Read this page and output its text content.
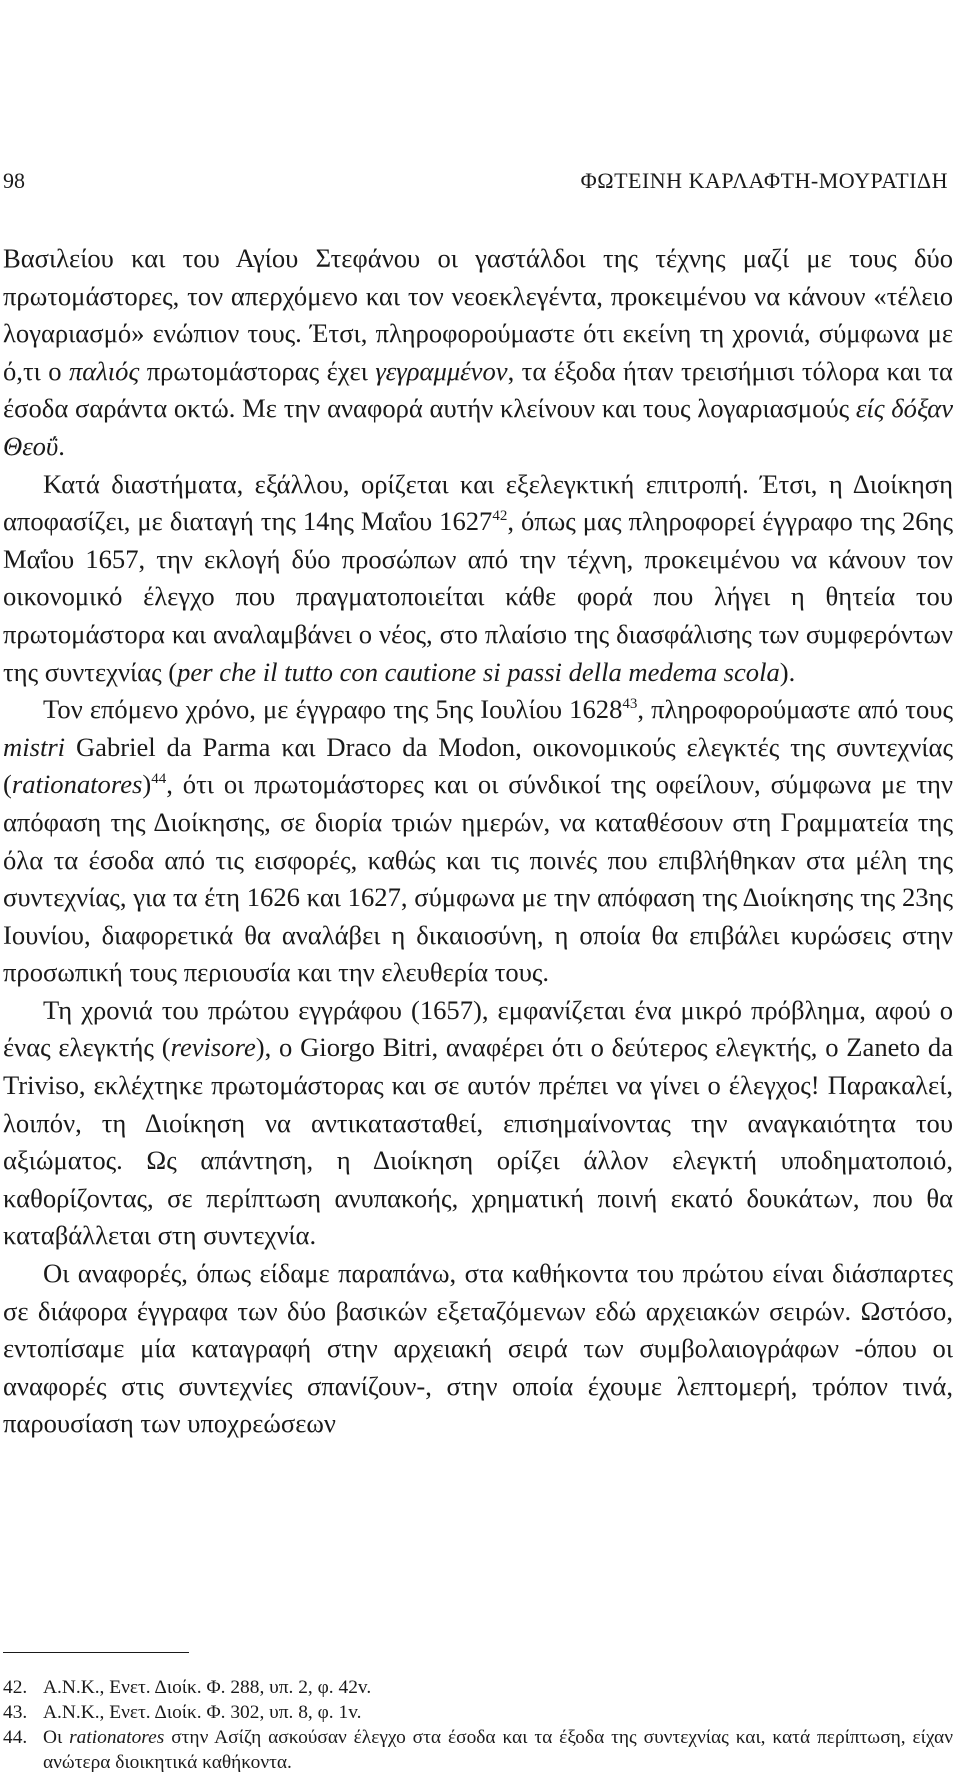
98	ΦΩΤΕΙΝΗ ΚΑΡΛΑΦΤΗ-ΜΟΥΡΑΤΙΔΗ

Βασιλείου και του Αγίου Στεφάνου οι γαστάλδοι της τέχνης μαζί με τους δύο πρωτομάστορες, τον απερχόμενο και τον νεοεκλεγέντα, προκειμένου να κάνουν «τέλειο λογαριασμό» ενώπιον τους. Έτσι, πληροφορούμαστε ότι εκείνη τη χρονιά, σύμφωνα με ό,τι ο παλιός πρωτομάστορας έχει γεγραμμένον, τα έξοδα ήταν τρεισήμισι τόλορα και τα έσοδα σαράντα οκτώ. Με την αναφορά αυτήν κλείνουν και τους λογαριασμούς είς δόξαν Θεοΰ.

Κατά διαστήματα, εξάλλου, ορίζεται και εξελεγκτική επιτροπή. Έτσι, η Διοίκηση αποφασίζει, με διαταγή της 14ης Μαΐου 1627$^{42}$, όπως μας πληροφορεί έγγραφο της 26ης Μαΐου 1657, την εκλογή δύο προσώπων από την τέχνη, προκειμένου να κάνουν τον οικονομικό έλεγχο που πραγματοποιείται κάθε φορά που λήγει η θητεία του πρωτομάστορα και αναλαμβάνει ο νέος, στο πλαίσιο της διασφάλισης των συμφερόντων της συντεχνίας (per che il tutto con cautione si passi della medema scola).

Τον επόμενο χρόνο, με έγγραφο της 5ης Ιουλίου 1628$^{43}$, πληροφορούμαστε από τους mistri Gabriel da Parma και Draco da Modon, οικονομικούς ελεγκτές της συντεχνίας (rationatores)$^{44}$, ότι οι πρωτομάστορες και οι σύνδικοί της οφείλουν, σύμφωνα με την απόφαση της Διοίκησης, σε διορία τριών ημερών, να καταθέσουν στη Γραμματεία της όλα τα έσοδα από τις εισφορές, καθώς και τις ποινές που επιβλήθηκαν στα μέλη της συντεχνίας, για τα έτη 1626 και 1627, σύμφωνα με την απόφαση της Διοίκησης της 23ης Ιουνίου, διαφορετικά θα αναλάβει η δικαιοσύνη, η οποία θα επιβάλει κυρώσεις στην προσωπική τους περιουσία και την ελευθερία τους.

Τη χρονιά του πρώτου εγγράφου (1657), εμφανίζεται ένα μικρό πρόβλημα, αφού ο ένας ελεγκτής (revisore), ο Giorgo Bitri, αναφέρει ότι ο δεύτερος ελεγκτής, ο Zaneto da Triviso, εκλέχτηκε πρωτομάστορας και σε αυτόν πρέπει να γίνει ο έλεγχος! Παρακαλεί, λοιπόν, τη Διοίκηση να αντικατασταθεί, επισημαίνοντας την αναγκαιότητα του αξιώματος. Ως απάντηση, η Διοίκηση ορίζει άλλον ελεγκτή υποδηματοποιό, καθορίζοντας, σε περίπτωση ανυπακοής, χρηματική ποινή εκατό δουκάτων, που θα καταβάλλεται στη συντεχνία.

Οι αναφορές, όπως είδαμε παραπάνω, στα καθήκοντα του πρώτου είναι διάσπαρτες σε διάφορα έγγραφα των δύο βασικών εξεταζόμενων εδώ αρχειακών σειρών. Ωστόσο, εντοπίσαμε μία καταγραφή στην αρχειακή σειρά των συμβολαιογράφων -όπου οι αναφορές στις συντεχνίες σπανίζουν-, στην οποία έχουμε λεπτομερή, τρόπον τινά, παρουσίαση των υποχρεώσεων

42. Α.Ν.Κ., Ενετ. Διοίκ. Φ. 288, υπ. 2, φ. 42v.
43. Α.Ν.Κ., Ενετ. Διοίκ. Φ. 302, υπ. 8, φ. 1v.
44. Οι rationatores στην Ασίζη ασκούσαν έλεγχο στα έσοδα και τα έξοδα της συντεχνίας και, κατά περίπτωση, είχαν ανώτερα διοικητικά καθήκοντα.
